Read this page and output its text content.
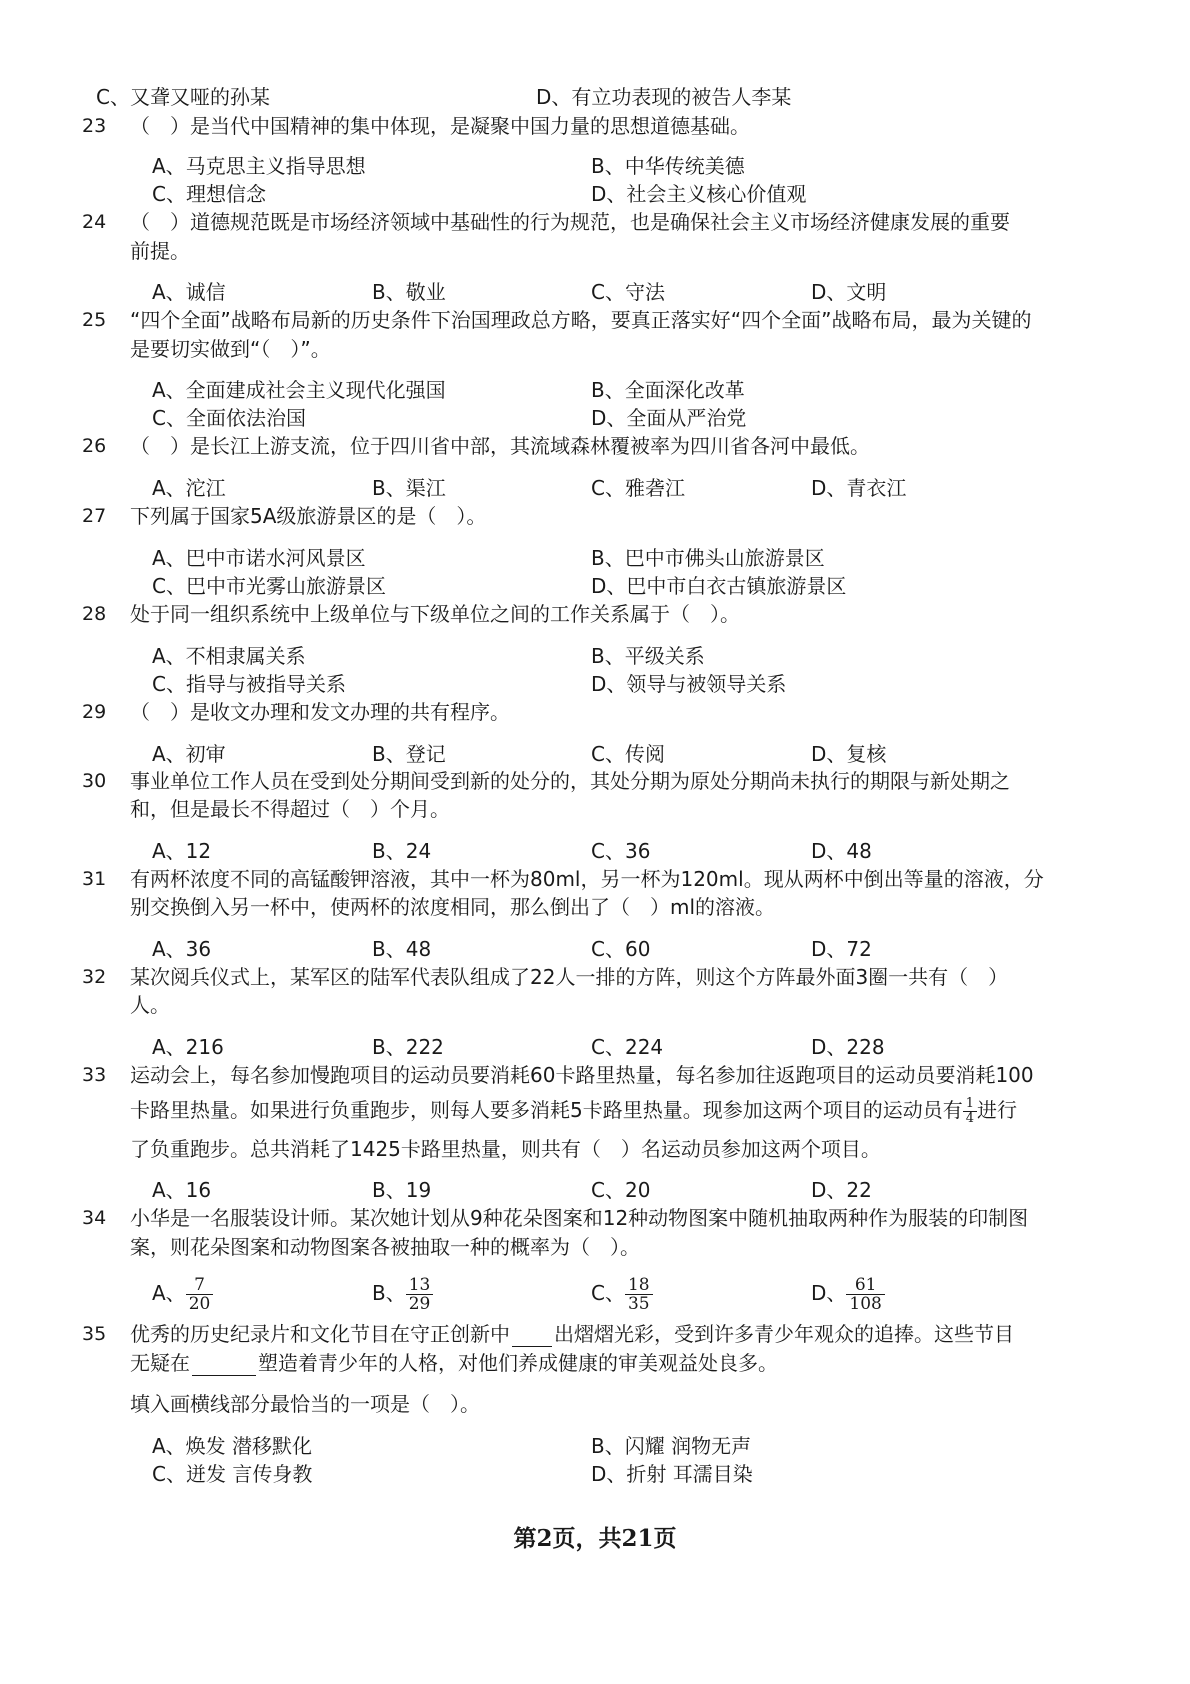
C、又聋又哑的孙某	D、有立功表现的被告人李某
23 （　）是当代中国精神的集中体现，是凝聚中国力量的思想道德基础。
A、马克思主义指导思想	B、中华传统美德
C、理想信念	D、社会主义核心价值观
24 （　）道德规范既是市场经济领域中基础性的行为规范，也是确保社会主义市场经济健康发展的重要
前提。
A、诚信	B、敬业	C、守法	D、文明
25 “四个全面”战略布局新的历史条件下治国理政总方略，要真正落实好“四个全面”战略布局，最为关键的
是要切实做到“（　）”。
A、全面建成社会主义现代化强国	B、全面深化改革
C、全面依法治国	D、全面从严治党
26 （　）是长江上游支流，位于四川省中部，其流域森林覆被率为四川省各河中最低。
A、沱江	B、渠江	C、雅砻江	D、青衣江
27 下列属于国家5A级旅游景区的是（　）。
A、巴中市诺水河风景区	B、巴中市佛头山旅游景区
C、巴中市光雾山旅游景区	D、巴中市白衣古镇旅游景区
28 处于同一组织系统中上级单位与下级单位之间的工作关系属于（　）。
A、不相隶属关系	B、平级关系
C、指导与被指导关系	D、领导与被领导关系
29 （　）是收文办理和发文办理的共有程序。
A、初审	B、登记	C、传阅	D、复核
30 事业单位工作人员在受到处分期间受到新的处分的，其处分期为原处分期尚未执行的期限与新处期之
和，但是最长不得超过（　）个月。
A、12	B、24	C、36	D、48
31 有两杯浓度不同的高锰酸钾溶液，其中一杯为80ml，另一杯为120ml。现从两杯中倒出等量的溶液，分
别交换倒入另一杯中，使两杯的浓度相同，那么倒出了（　）ml的溶液。
A、36	B、48	C、60	D、72
32 某次阅兵仪式上，某军区的陆军代表队组成了22人一排的方阵，则这个方阵最外面3圈一共有（　）
人。
A、216	B、222	C、224	D、228
33 运动会上，每名参加慢跑项目的运动员要消耗60卡路里热量，每名参加往返跑项目的运动员要消耗100
卡路里热量。如果进行负重跑步，则每人要多消耗5卡路里热量。现参加这两个项目的运动员有 $\frac{1}{4}$ 进行
了负重跑步。总共消耗了1425卡路里热量，则共有（　）名运动员参加这两个项目。
A、16	B、19	C、20	D、22
34 小华是一名服装设计师。某次她计划从9种花朵图案和12种动物图案中随机抽取两种作为服装的印制图
案，则花朵图案和动物图案各被抽取一种的概率为（　）。
A、 $\frac{7}{20}$	B、 $\frac{13}{29}$	C、 $\frac{18}{35}$	D、 $\frac{61}{108}$
35 优秀的历史纪录片和文化节目在守正创新中 出熠熠光彩，受到许多青少年观众的追捧。这些节目
无疑在	塑造着青少年的人格，对他们养成健康的审美观益处良多。
填入画横线部分最恰当的一项是（　）。
A、焕发 潜移默化	B、闪耀 润物无声
C、迸发 言传身教	D、折射 耳濡目染
第2页，共21页
